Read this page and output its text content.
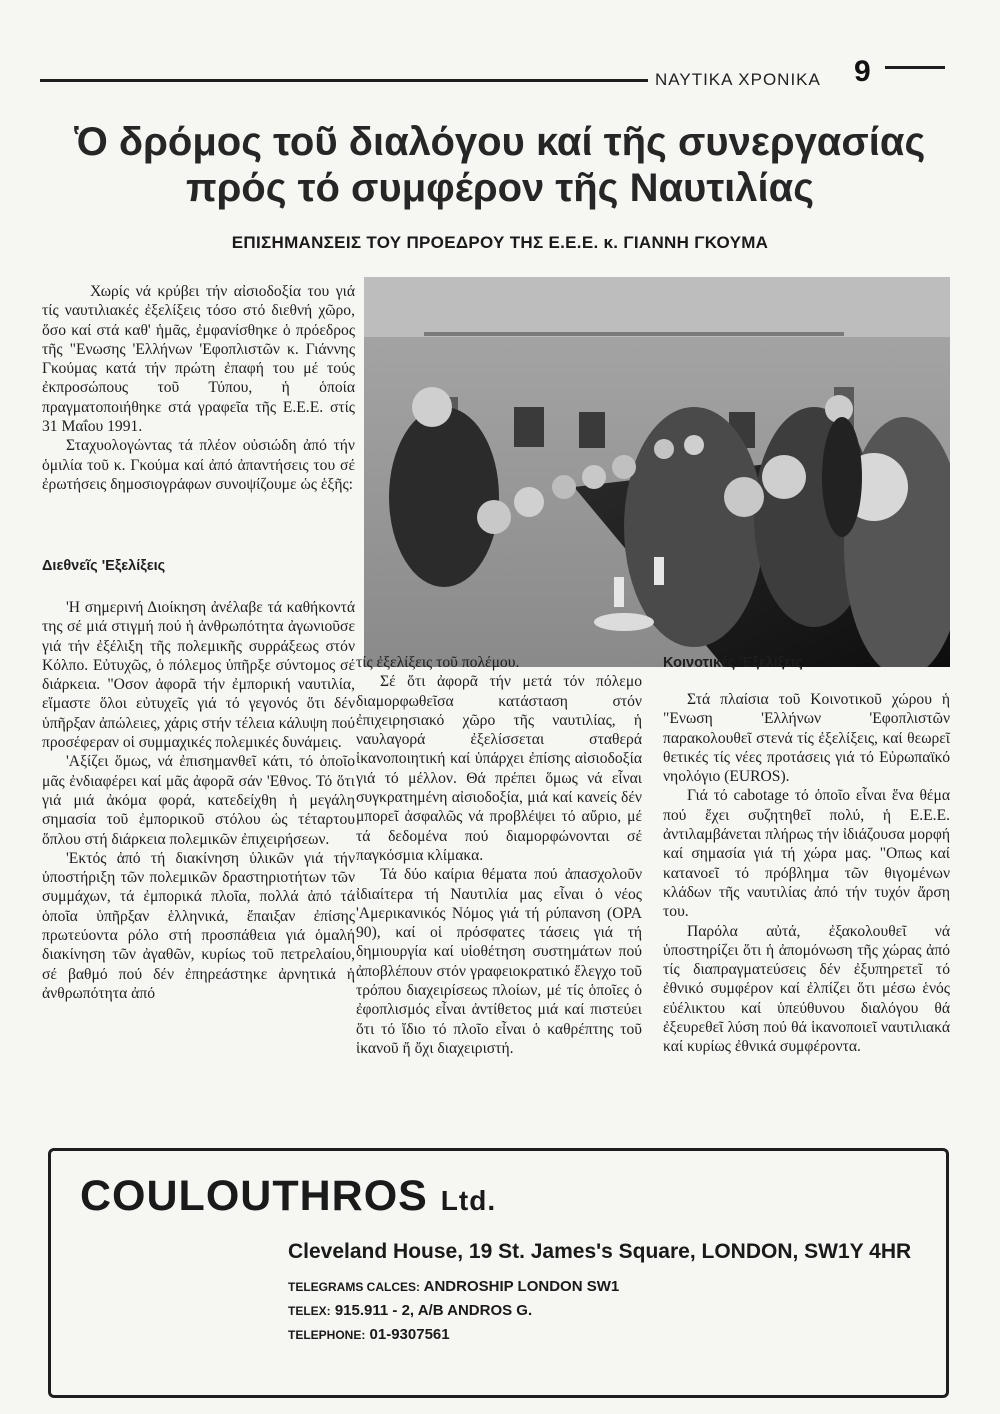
ΝΑΥΤΙΚΑ ΧΡΟΝΙΚΑ 9
Ὁ δρόμος τοῦ διαλόγου καί τῆς συνεργασίας
πρός τό συμφέρον τῆς Ναυτιλίας
ΕΠΙΣΗΜΑΝΣΕΙΣ ΤΟΥ ΠΡΟΕΔΡΟΥ ΤΗΣ Ε.Ε.Ε. κ. ΓΙΑΝΝΗ ΓΚΟΥΜΑ

Χωρίς νά κρύβει τήν αἰσιοδοξία του γιά τίς ναυτιλιακές ἐξελίξεις τόσο στό διεθνή χῶρο, ὅσο καί στά καθ' ἡμᾶς, ἐμφανίσθηκε ὁ πρόεδρος τῆς "Ενωσης 'Ελλήνων 'Εφοπλιστῶν κ. Γιάννης Γκούμας κατά τήν πρώτη ἐπαφή του μέ τούς ἐκπροσώπους τοῦ Τύπου, ἡ ὁποία πραγματοποιήθηκε στά γραφεῖα τῆς Ε.Ε.Ε. στίς 31 Μαΐου 1991.

Σταχυολογώντας τά πλέον οὐσιώδη ἀπό τήν ὁμιλία τοῦ κ. Γκούμα καί ἀπό ἀπαντήσεις του σέ ἐρωτήσεις δημοσιογράφων συνοψίζουμε ὡς ἑξῆς:

Διεθνεῖς 'Εξελίξεις

'Η σημερινή Διοίκηση ἀνέλαβε τά καθήκοντά της σέ μιά στιγμή πού ἡ ἀνθρωπότητα ἀγωνιοῦσε γιά τήν ἐξέλιξη τῆς πολεμικῆς συρράξεως στόν Κόλπο. Εὐτυχῶς, ὁ πόλεμος ὑπῆρξε σύντομος σέ διάρκεια. "Οσον ἀφορᾶ τήν ἐμπορική ναυτιλία, εἴμαστε ὅλοι εὐτυχεῖς γιά τό γεγονός ὅτι δέν ὑπῆρξαν ἀπώλειες, χάρις στήν τέλεια κάλυψη πού προσέφεραν οἱ συμμαχικές πολεμικές δυνάμεις.

'Αξίζει ὅμως, νά ἐπισημανθεῖ κάτι, τό ὁποῖο μᾶς ἐνδιαφέρει καί μᾶς ἀφορᾶ σάν 'Εθνος. Τό ὅτι γιά μιά ἀκόμα φορά, κατεδείχθη ἡ μεγάλη σημασία τοῦ ἐμπορικοῦ στόλου ὡς τέταρτου ὅπλου στή διάρκεια πολεμικῶν ἐπιχειρήσεων.

'Εκτός ἀπό τή διακίνηση ὑλικῶν γιά τήν ὑποστήριξη τῶν πολεμικῶν δραστηριοτήτων τῶν συμμάχων, τά ἐμπορικά πλοῖα, πολλά ἀπό τά ὁποῖα ὑπῆρξαν ἑλληνικά, ἔπαιξαν ἐπίσης πρωτεύοντα ρόλο στή προσπάθεια γιά ὁμαλή διακίνηση τῶν ἀγαθῶν, κυρίως τοῦ πετρελαίου, σέ βαθμό πού δέν ἐπηρεάστηκε ἀρνητικά ἡ ἀνθρωπότητα ἀπό

τίς ἐξελίξεις τοῦ πολέμου.

Σέ ὅτι ἀφορᾶ τήν μετά τόν πόλεμο διαμορφωθεῖσα κατάσταση στόν ἐπιχειρησιακό χῶρο τῆς ναυτιλίας, ἡ ναυλαγορά ἐξελίσσεται σταθερά ἱκανοποιητική καί ὑπάρχει ἐπίσης αἰσιοδοξία γιά τό μέλλον. Θά πρέπει ὅμως νά εἶναι συγκρατημένη αἰσιοδοξία, μιά καί κανείς δέν μπορεῖ ἀσφαλῶς νά προβλέψει τό αὔριο, μέ τά δεδομένα πού διαμορφώνονται σέ παγκόσμια κλίμακα.

Τά δύο καίρια θέματα πού ἀπασχολοῦν ἰδιαίτερα τή Ναυτιλία μας εἶναι ὁ νέος 'Αμερικανικός Νόμος γιά τή ρύπανση (OPA 90), καί οἱ πρόσφατες τάσεις γιά τή δημιουργία καί υἱοθέτηση συστημάτων πού ἀποβλέπουν στόν γραφειοκρατικό ἔλεγχο τοῦ τρόπου διαχειρίσεως πλοίων, μέ τίς ὁποῖες ὁ ἐφοπλισμός εἶναι ἀντίθετος μιά καί πιστεύει ὅτι τό ἴδιο τό πλοῖο εἶναι ὁ καθρέπτης τοῦ ἱκανοῦ ἤ ὄχι διαχειριστή.

Κοινοτικές 'Εξελίξεις

Στά πλαίσια τοῦ Κοινοτικοῦ χώρου ἡ "Ενωση 'Ελλήνων 'Εφοπλιστῶν παρακολουθεῖ στενά τίς ἐξελίξεις, καί θεωρεῖ θετικές τίς νέες προτάσεις γιά τό Εὐρωπαϊκό νηολόγιο (EUROS).

Γιά τό cabotage τό ὁποῖο εἶναι ἕνα θέμα πού ἔχει συζητηθεῖ πολύ, ἡ Ε.Ε.Ε. ἀντιλαμβάνεται πλήρως τήν ἰδιάζουσα μορφή καί σημασία γιά τή χώρα μας. "Οπως καί κατανοεῖ τό πρόβλημα τῶν θιγομένων κλάδων τῆς ναυτιλίας ἀπό τήν τυχόν ἄρση του.

Παρόλα αὐτά, ἐξακολουθεῖ νά ὑποστηρίζει ὅτι ἡ ἀπομόνωση τῆς χώρας ἀπό τίς διαπραγματεύσεις δέν ἐξυπηρετεῖ τό ἐθνικό συμφέρον καί ἐλπίζει ὅτι μέσω ἑνός εὐέλικτου καί ὑπεύθυνου διαλόγου θά ἐξευρεθεῖ λύση πού θά ἱκανοποιεῖ ναυτιλιακά καί κυρίως ἐθνικά συμφέροντα.

COULOUTHROS Ltd.
Cleveland House, 19 St. James's Square, LONDON, SW1Y 4HR
TELEGRAMS CALCES: ANDROSHIP LONDON SW1
TELEX: 915.911 - 2, A/B ANDROS G.
TELEPHONE: 01-9307561
